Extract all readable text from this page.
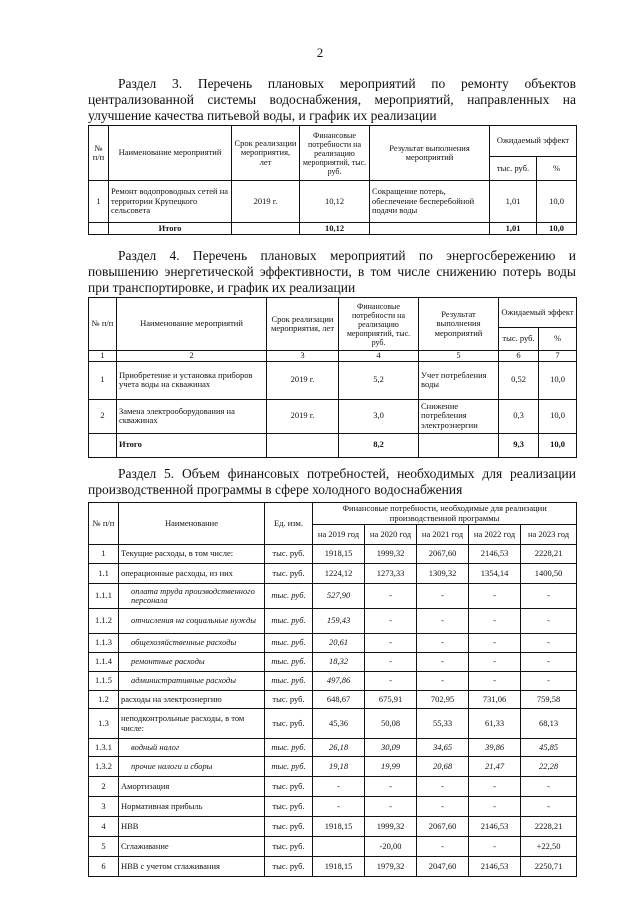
2
Раздел 3. Перечень плановых мероприятий по ремонту объектов централизованной системы водоснабжения, мероприятий, направленных на улучшение качества питьевой воды, и график их реализации
№ п/п	Наименование мероприятий	Срок реализации мероприятия, лет	Финансовые потребности на реализацию мероприятий, тыс. руб.	Результат выполнения мероприятий	Ожидаемый эффект	
					тыс. руб.	%
1	Ремонт водопроводных сетей на территории Крупецкого сельсовета	2019 г.	10,12	Сокращение потерь, обеспечение бесперебойной подачи воды	1,01	10,0
	Итого		10,12		1,01	10,0
Раздел 4. Перечень плановых мероприятий по энергосбережению и повышению энергетической эффективности, в том числе снижению потерь воды при транспортировке, и график их реализации
№ п/п	Наименование мероприятий	Срок реализации мероприятия, лет	Финансовые потребности на реализацию мероприятий, тыс. руб.	Результат выполнения мероприятий	Ожидаемый эффект	
					тыс. руб.	%
1	2	3	4	5	6	7
1	Приобретение и установка приборов учета воды на скважинах	2019 г.	5,2	Учет потребления воды	0,52	10,0
2	Замена электрооборудования на скважинах	2019 г.	3,0	Снижение потребления электроэнергии	0,3	10,0
	Итого		8,2		9,3	10,0
Раздел 5. Объем финансовых потребностей, необходимых для реализации производственной программы в сфере холодного водоснабжения
№ п/п	Наименование	Ед. изм.	Финансовые потребности, необходимые для реализации производственной программы				
			на 2019 год	на 2020 год	на 2021 год	на 2022 год	на 2023 год
1	Текущие расходы, в том числе:	тыс. руб.	1918,15	1999,32	2067,60	2146,53	2228,21
1.1	операционные расходы, из них	тыс. руб.	1224,12	1273,33	1309,32	1354,14	1400,50
1.1.1	оплата труда производственного персонала	тыс. руб.	527,90	-	-	-	-
1.1.2	отчисления на социальные нужды	тыс. руб.	159,43	-	-	-	-
1.1.3	общехозяйственные расходы	тыс. руб.	20,61	-	-	-	-
1.1.4	ремонтные расходы	тыс. руб.	18,32	-	-	-	-
1.1.5	административные расходы	тыс. руб.	497,86	-	-	-	-
1.2	расходы на электроэнергию	тыс. руб.	648,67	675,91	702,95	731,06	759,58
1.3	неподконтрольные расходы, в том числе:	тыс. руб.	45,36	50,08	55,33	61,33	68,13
1.3.1	водный налог	тыс. руб.	26,18	30,09	34,65	39,86	45,85
1.3.2	прочие налоги и сборы	тыс. руб.	19,18	19,99	20,68	21,47	22,28
2	Амортизация	тыс. руб.	-	-	-	-	-
3	Нормативная прибыль	тыс. руб.	-	-	-	-	-
4	НВВ	тыс. руб.	1918,15	1999,32	2067,60	2146,53	2228,21
5	Сглаживание	тыс. руб.		-20,00	-	-	+22,50
6	НВВ с учетом сглаживания	тыс. руб.	1918,15	1979,32	2047,60	2146,53	2250,71
